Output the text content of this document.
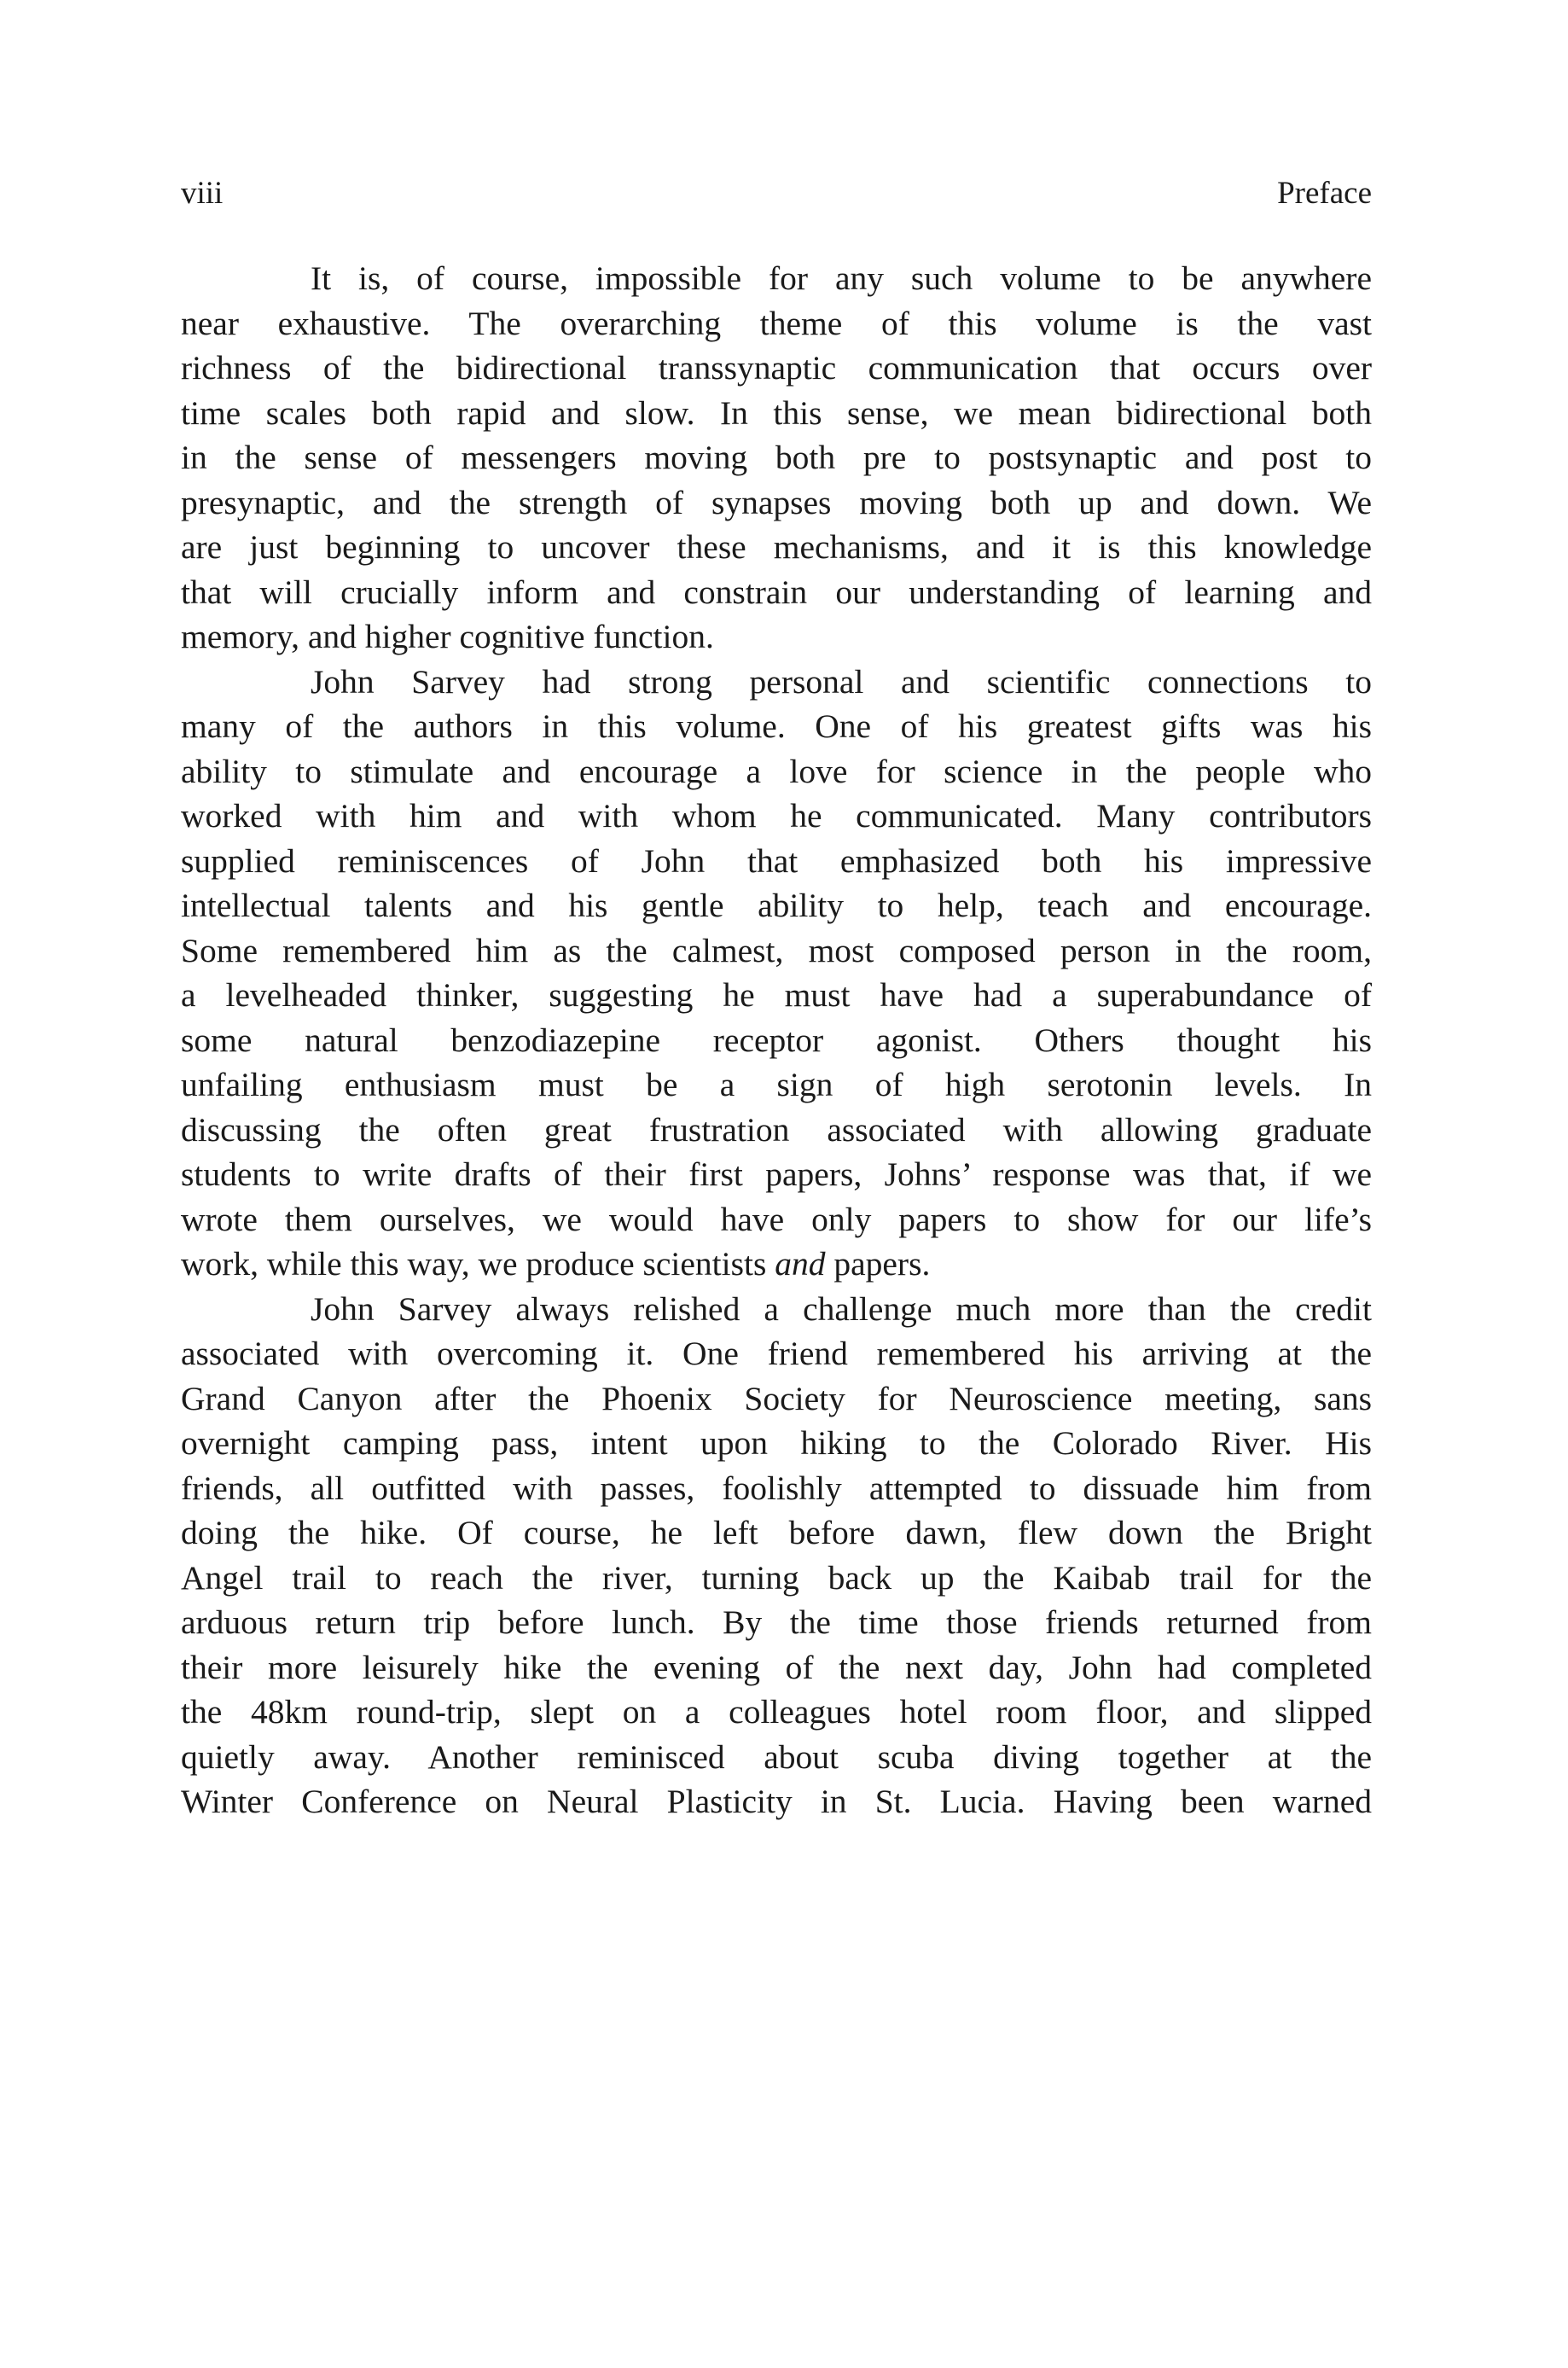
viii	Preface
It is, of course, impossible for any such volume to be anywhere
near exhaustive. The overarching theme of this volume is the vast
richness of the bidirectional transsynaptic communication that occurs over
time scales both rapid and slow. In this sense, we mean bidirectional both
in the sense of messengers moving both pre to postsynaptic and post to
presynaptic, and the strength of synapses moving both up and down. We
are just beginning to uncover these mechanisms, and it is this knowledge
that will crucially inform and constrain our understanding of learning and
memory, and higher cognitive function.
John Sarvey had strong personal and scientific connections to
many of the authors in this volume. One of his greatest gifts was his
ability to stimulate and encourage a love for science in the people who
worked with him and with whom he communicated. Many contributors
supplied reminiscences of John that emphasized both his impressive
intellectual talents and his gentle ability to help, teach and encourage.
Some remembered him as the calmest, most composed person in the room,
a levelheaded thinker, suggesting he must have had a superabundance of
some natural benzodiazepine receptor agonist. Others thought his
unfailing enthusiasm must be a sign of high serotonin levels. In
discussing the often great frustration associated with allowing graduate
students to write drafts of their first papers, Johns’ response was that, if we
wrote them ourselves, we would have only papers to show for our life’s
work, while this way, we produce scientists and papers.
John Sarvey always relished a challenge much more than the credit
associated with overcoming it. One friend remembered his arriving at the
Grand Canyon after the Phoenix Society for Neuroscience meeting, sans
overnight camping pass, intent upon hiking to the Colorado River. His
friends, all outfitted with passes, foolishly attempted to dissuade him from
doing the hike. Of course, he left before dawn, flew down the Bright
Angel trail to reach the river, turning back up the Kaibab trail for the
arduous return trip before lunch. By the time those friends returned from
their more leisurely hike the evening of the next day, John had completed
the 48km round-trip, slept on a colleagues hotel room floor, and slipped
quietly away. Another reminisced about scuba diving together at the
Winter Conference on Neural Plasticity in St. Lucia. Having been warned
